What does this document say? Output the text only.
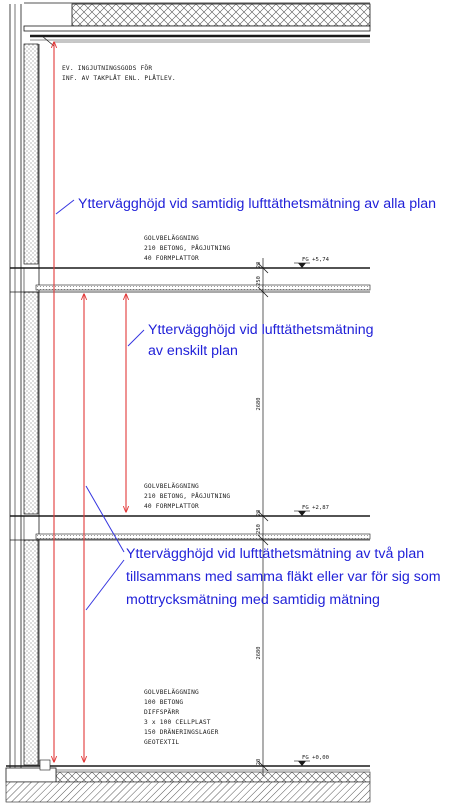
20
250
2680
20
250
2680
20
FG +5,74
FG +2,87
FG +0,00
EV. INGJUTNINGSGODS FÖR
INF. AV TAKPLÅT ENL. PLÅTLEV.
GOLVBELÄGGNING
210 BETONG, PÅGJUTNING
40 FORMPLATTOR
GOLVBELÄGGNING
210 BETONG, PÅGJUTNING
40 FORMPLATTOR
GOLVBELÄGGNING
100 BETONG
DIFFSPÄRR
3 x 100 CELLPLAST
150 DRÄNERINGSLAGER
GEOTEXTIL
Yttervägghöjd vid samtidig lufttäthetsmätning av alla plan
Yttervägghöjd vid lufttäthetsmätning
av enskilt plan
Yttervägghöjd vid lufttäthetsmätning av två plan
tillsammans med samma fläkt eller var för sig som
mottrycksmätning med samtidig mätning
